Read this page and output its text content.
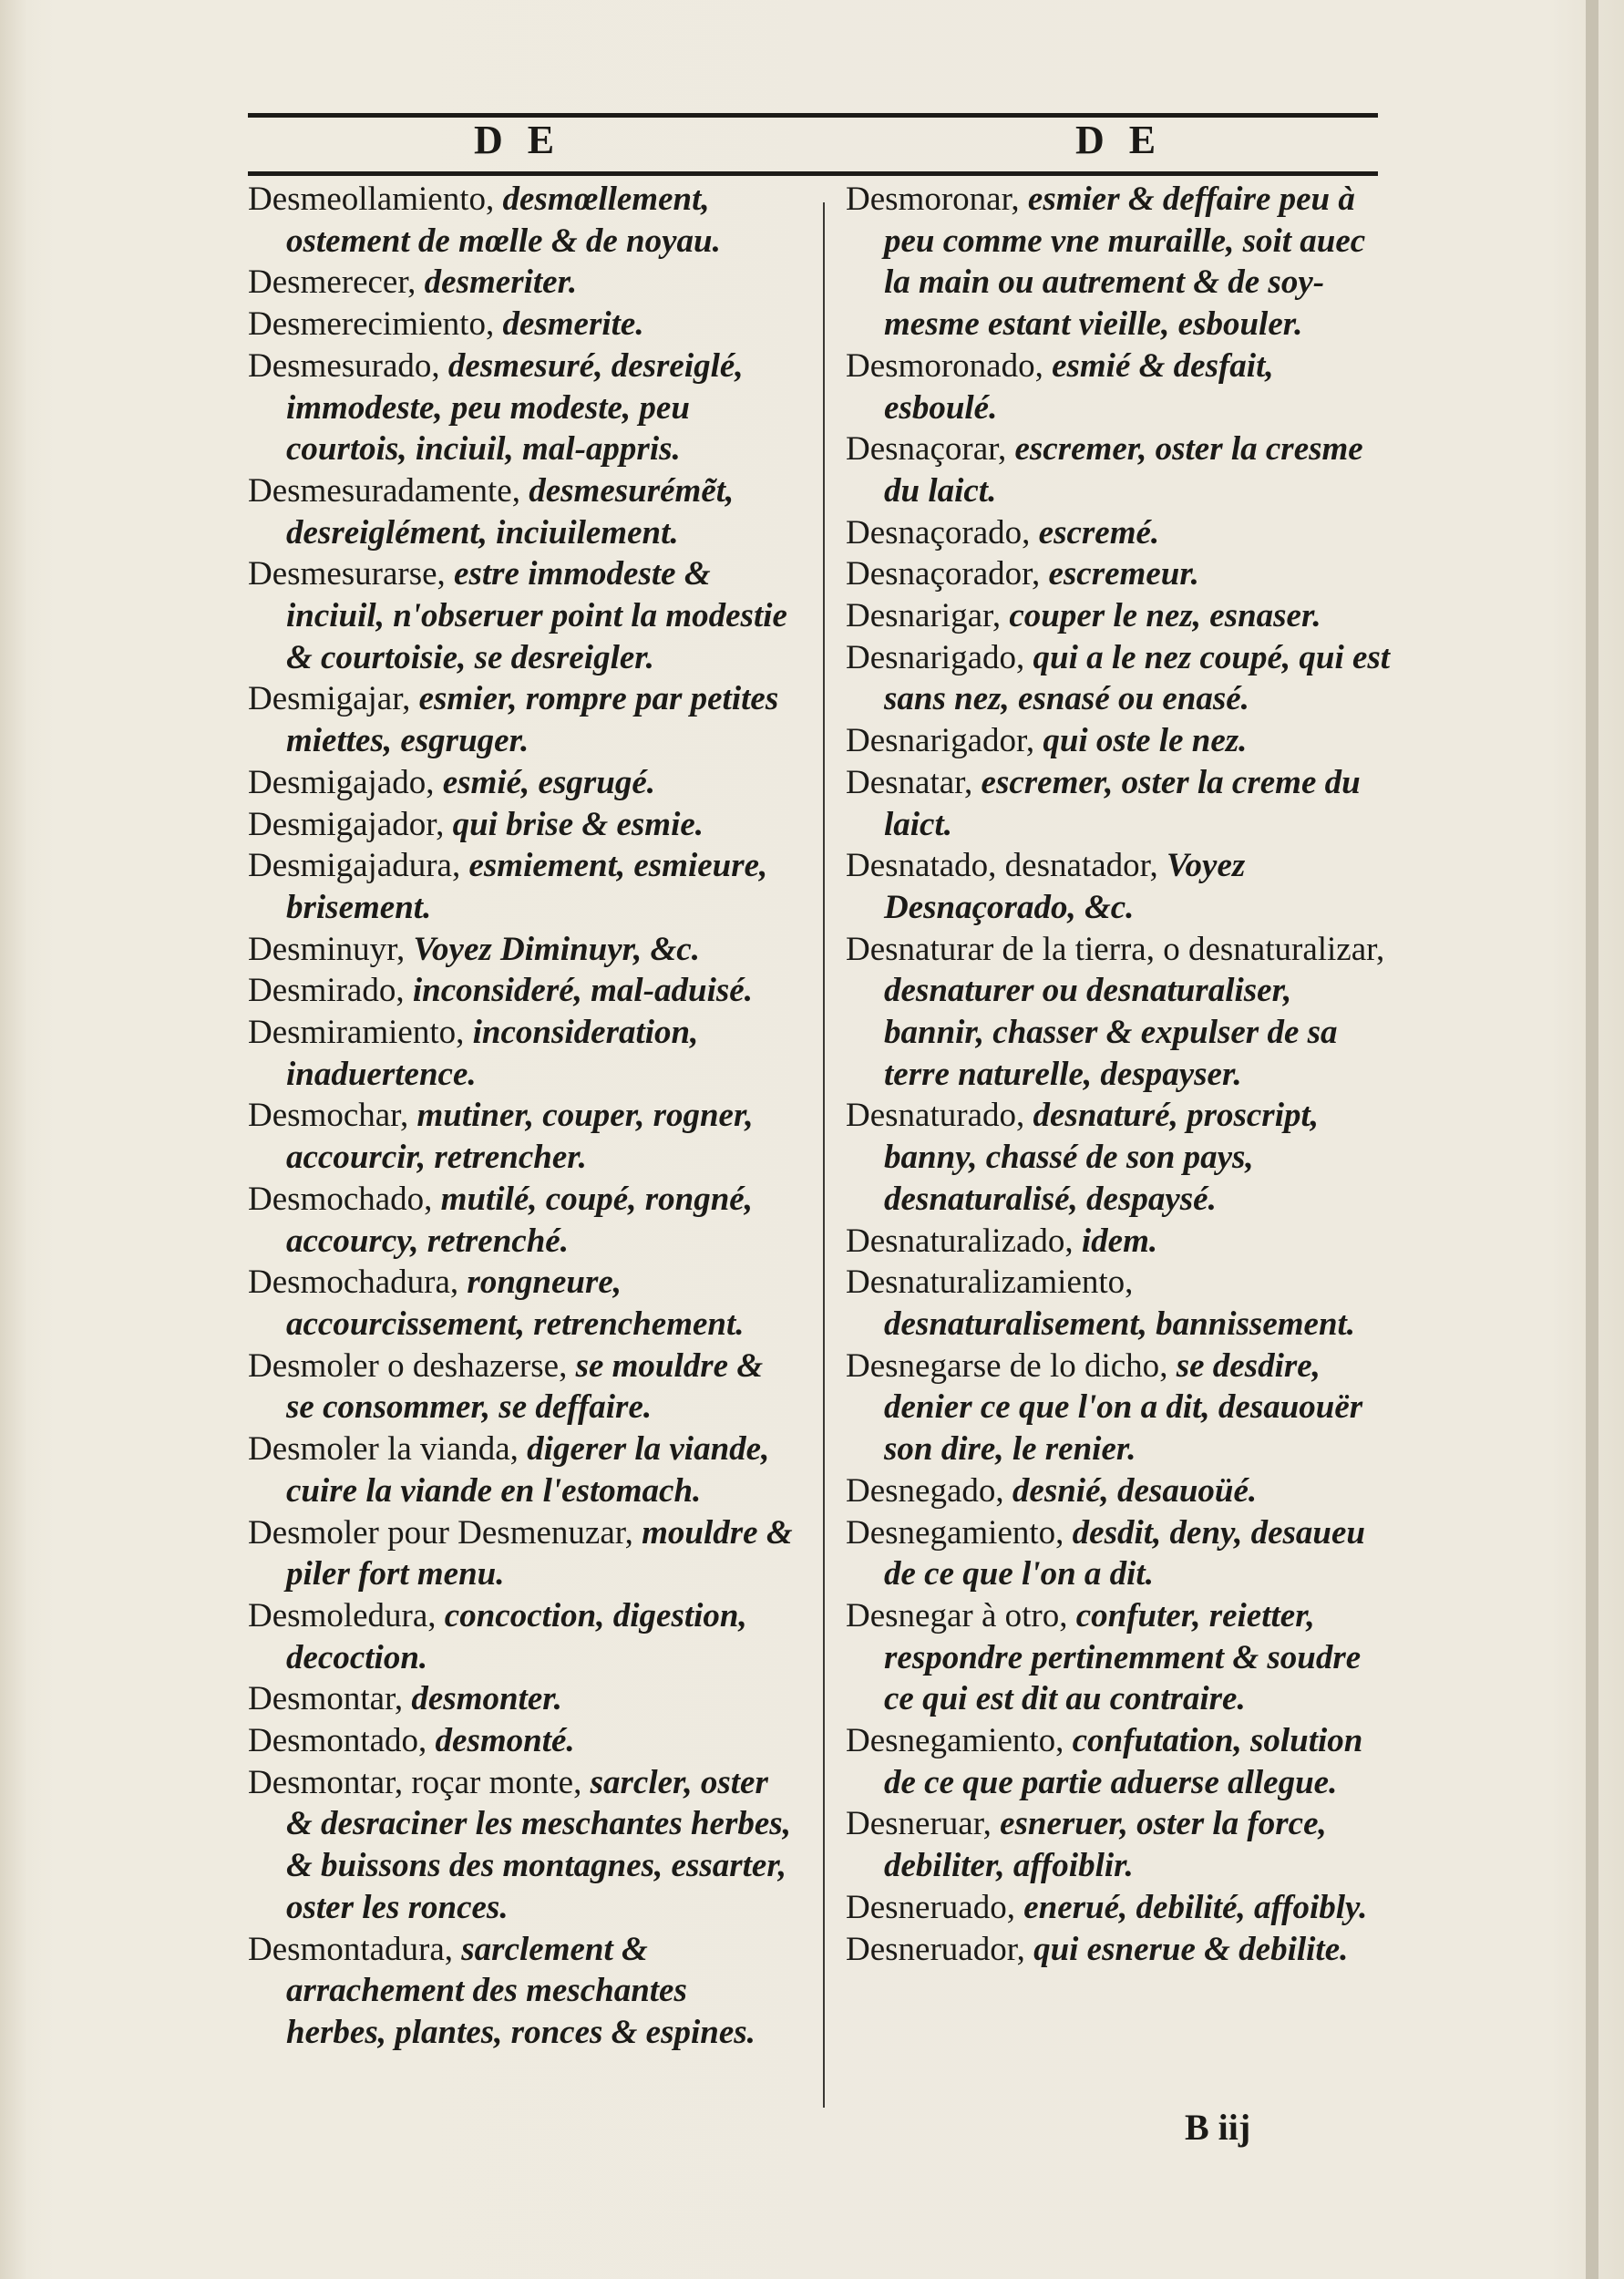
D E	D E

Desmeollamiento, desmœllement, ostement de mœlle & de noyau.

Desmerecer, desmeriter.

Desmerecimiento, desmerite.

Desmesurado, desmesuré, desreiglé, immodeste, peu modeste, peu courtois, inciuil, mal-appris.

Desmesuradamente, desmesurémẽt, desreiglément, inciuilement.

Desmesurarse, estre immodeste & inciuil, n'obseruer point la modestie & courtoisie, se desreigler.

Desmigajar, esmier, rompre par petites miettes, esgruger.

Desmigajado, esmié, esgrugé.

Desmigajador, qui brise & esmie.

Desmigajadura, esmiement, esmieure, brisement.

Desminuyr, Voyez Diminuyr, &c.

Desmirado, inconsideré, mal-aduisé.

Desmiramiento, inconsideration, inaduertence.

Desmochar, mutiner, couper, rogner, accourcir, retrencher.

Desmochado, mutilé, coupé, rongné, accourcy, retrenché.

Desmochadura, rongneure, accourcissement, retrenchement.

Desmoler o deshazerse, se mouldre & se consommer, se deffaire.

Desmoler la vianda, digerer la viande, cuire la viande en l'estomach.

Desmoler pour Desmenuzar, mouldre & piler fort menu.

Desmoledura, concoction, digestion, decoction.

Desmontar, desmonter.

Desmontado, desmonté.

Desmontar, roçar monte, sarcler, oster & desraciner les meschantes herbes, & buissons des montagnes, essarter, oster les ronces.

Desmontadura, sarclement & arrachement des meschantes herbes, plantes, ronces & espines.

Desmoronar, esmier & deffaire peu à peu comme vne muraille, soit auec la main ou autrement & de soy-mesme estant vieille, esbouler.

Desmoronado, esmié & desfait, esboulé.

Desnaçorar, escremer, oster la cresme du laict.

Desnaçorado, escremé.

Desnaçorador, escremeur.

Desnarigar, couper le nez, esnaser.

Desnarigado, qui a le nez coupé, qui est sans nez, esnasé ou enasé.

Desnarigador, qui oste le nez.

Desnatar, escremer, oster la creme du laict.

Desnatado, desnatador, Voyez Desnaçorado, &c.

Desnaturar de la tierra, o desnaturalizar, desnaturer ou desnaturaliser, bannir, chasser & expulser de sa terre naturelle, despayser.

Desnaturado, desnaturé, proscript, banny, chassé de son pays, desnaturalisé, despaysé.

Desnaturalizado, idem.

Desnaturalizamiento, desnaturalisement, bannissement.

Desnegarse de lo dicho, se desdire, denier ce que l'on a dit, desauouër son dire, le renier.

Desnegado, desnié, desauoüé.

Desnegamiento, desdit, deny, desaueu de ce que l'on a dit.

Desnegar à otro, confuter, reietter, respondre pertinemment & soudre ce qui est dit au contraire.

Desnegamiento, confutation, solution de ce que partie aduerse allegue.

Desneruar, esneruer, oster la force, debiliter, affoiblir.

Desneruado, enerué, debilité, affoibly.

Desneruador, qui esnerue & debilite.

B iij
